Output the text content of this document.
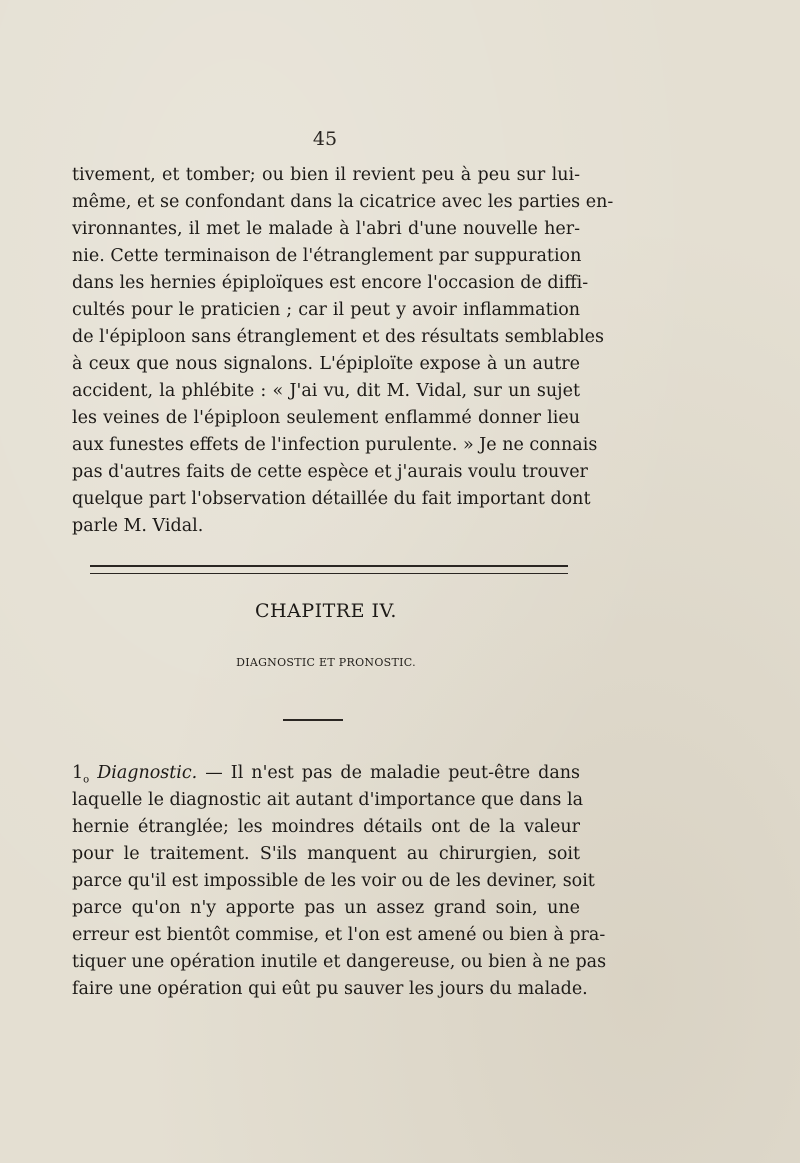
45
tivement, et tomber; ou bien il revient peu à peu sur lui-
même, et se confondant dans la cicatrice avec les parties en-
vironnantes, il met le malade à l'abri d'une nouvelle her-
nie. Cette terminaison de l'étranglement par suppuration
dans les hernies épiploïques est encore l'occasion de diffi-
cultés pour le praticien ; car il peut y avoir inflammation
de l'épiploon sans étranglement et des résultats semblables
à ceux que nous signalons. L'épiploïte expose à un autre
accident, la phlébite : « J'ai vu, dit M. Vidal, sur un sujet
les veines de l'épiploon seulement enflammé donner lieu
aux funestes effets de l'infection purulente. » Je ne connais
pas d'autres faits de cette espèce et j'aurais voulu trouver
quelque part l'observation détaillée du fait important dont
parle M. Vidal.
CHAPITRE IV.
DIAGNOSTIC ET PRONOSTIC.
$1_o$ Diagnostic. — Il n'est pas de maladie peut-être dans
laquelle le diagnostic ait autant d'importance que dans la
hernie étranglée; les moindres détails ont de la valeur
pour le traitement. S'ils manquent au chirurgien, soit
parce qu'il est impossible de les voir ou de les deviner, soit
parce qu'on n'y apporte pas un assez grand soin, une
erreur est bientôt commise, et l'on est amené ou bien à pra-
tiquer une opération inutile et dangereuse, ou bien à ne pas
faire une opération qui eût pu sauver les jours du malade.
